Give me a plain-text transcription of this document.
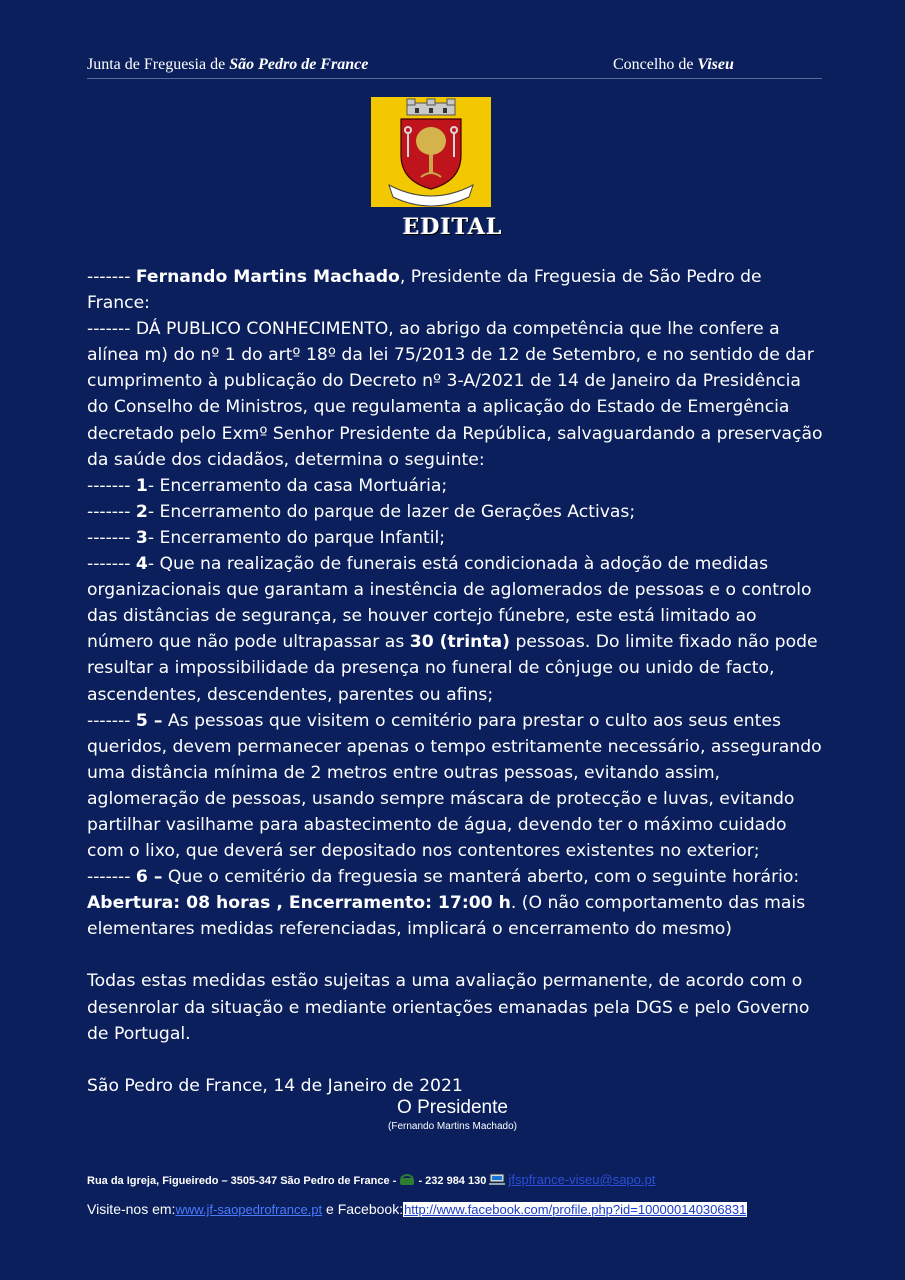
Junta de Freguesia de São Pedro de France	Concelho de Viseu
EDITAL

------- Fernando Martins Machado, Presidente da Freguesia de São Pedro de France:

------- DÁ PUBLICO CONHECIMENTO, ao abrigo da competência que lhe confere a alínea m) do nº 1 do artº 18º da lei 75/2013 de 12 de Setembro, e no sentido de dar cumprimento à publicação do Decreto nº 3-A/2021 de 14 de Janeiro da Presidência do Conselho de Ministros, que regulamenta a aplicação do Estado de Emergência decretado pelo Exmº Senhor Presidente da República, salvaguardando a preservação da saúde dos cidadãos, determina o seguinte:

------- 1- Encerramento da casa Mortuária;

------- 2- Encerramento do parque de lazer de Gerações Activas;

------- 3- Encerramento do parque Infantil;

------- 4- Que na realização de funerais está condicionada à adoção de medidas organizacionais que garantam a inestência de aglomerados de pessoas e o controlo das distâncias de segurança, se houver cortejo fúnebre, este está limitado ao número que não pode ultrapassar as 30 (trinta) pessoas. Do limite fixado não pode resultar a impossibilidade da presença no funeral de cônjuge ou unido de facto, ascendentes, descendentes, parentes ou afins;

------- 5 – As pessoas que visitem o cemitério para prestar o culto aos seus entes queridos, devem permanecer apenas o tempo estritamente necessário, assegurando uma distância mínima de 2 metros entre outras pessoas, evitando assim, aglomeração de pessoas, usando sempre máscara de protecção e luvas, evitando partilhar vasilhame para abastecimento de água, devendo ter o máximo cuidado com o lixo, que deverá ser depositado nos contentores existentes no exterior;

------- 6 – Que o cemitério da freguesia se manterá aberto, com o seguinte horário: Abertura: 08 horas , Encerramento: 17:00 h. (O não comportamento das mais elementares medidas referenciadas, implicará o encerramento do mesmo)

Todas estas medidas estão sujeitas a uma avaliação permanente, de acordo com o desenrolar da situação e mediante orientações emanadas pela DGS e pelo Governo de Portugal.

São Pedro de France, 14 de Janeiro de 2021

O Presidente
(Fernando Martins Machado)
Rua da Igreja, Figueiredo – 3505-347 São Pedro de France -  - 232 984 130  jfspfrance-viseu@sapo.pt
Visite-nos em:www.jf-saopedrofrance.pt e Facebook:http://www.facebook.com/profile.php?id=100000140306831
